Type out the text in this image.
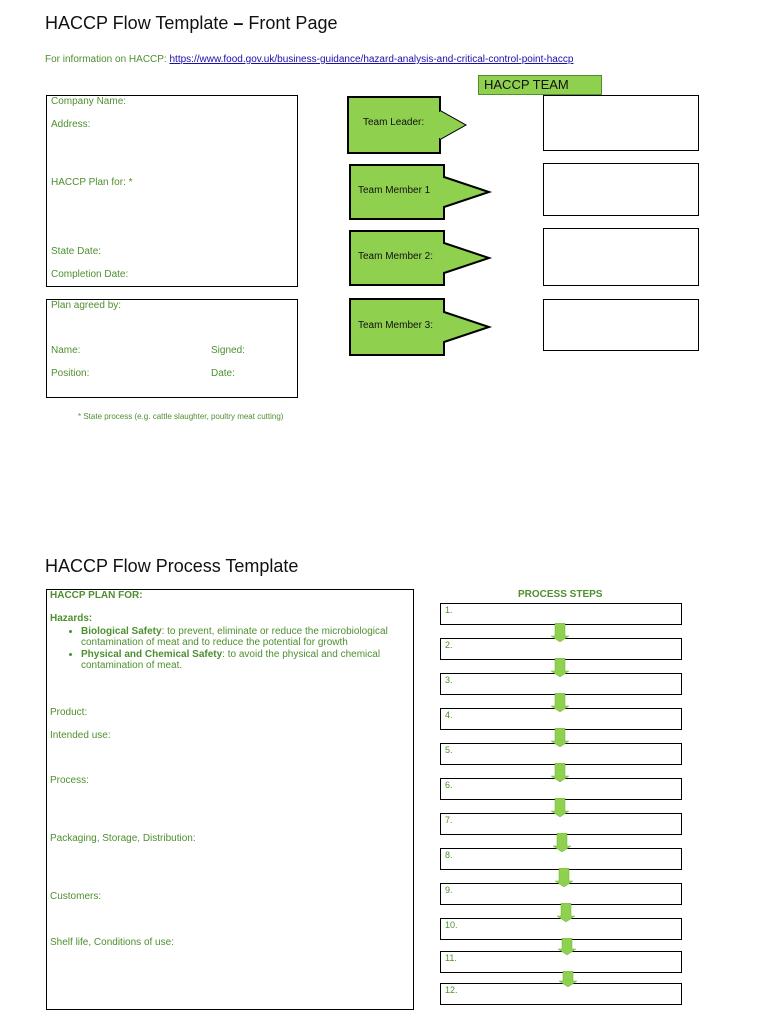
HACCP Flow Template – Front Page
For information on HACCP: https://www.food.gov.uk/business-guidance/hazard-analysis-and-critical-control-point-haccp
Company Name:
Address:
HACCP Plan for: *
State Date:
Completion Date:
Plan agreed by:
Name:	Signed:
Position:	Date:
* State process (e.g. cattle slaughter, poultry meat cutting)
HACCP TEAM
Team Leader:
Team Member 1
Team Member 2:
Team Member 3:
HACCP Flow Process Template
HACCP PLAN FOR:
Hazards:
• Biological Safety: to prevent, eliminate or reduce the microbiological contamination of meat and to reduce the potential for growth
• Physical and Chemical Safety: to avoid the physical and chemical contamination of meat.
Product:
Intended use:
Process:
Packaging, Storage, Distribution:
Customers:
Shelf life, Conditions of use:
PROCESS STEPS
1.
2.
3.
4.
5.
6.
7.
8.
9.
10.
11.
12.
